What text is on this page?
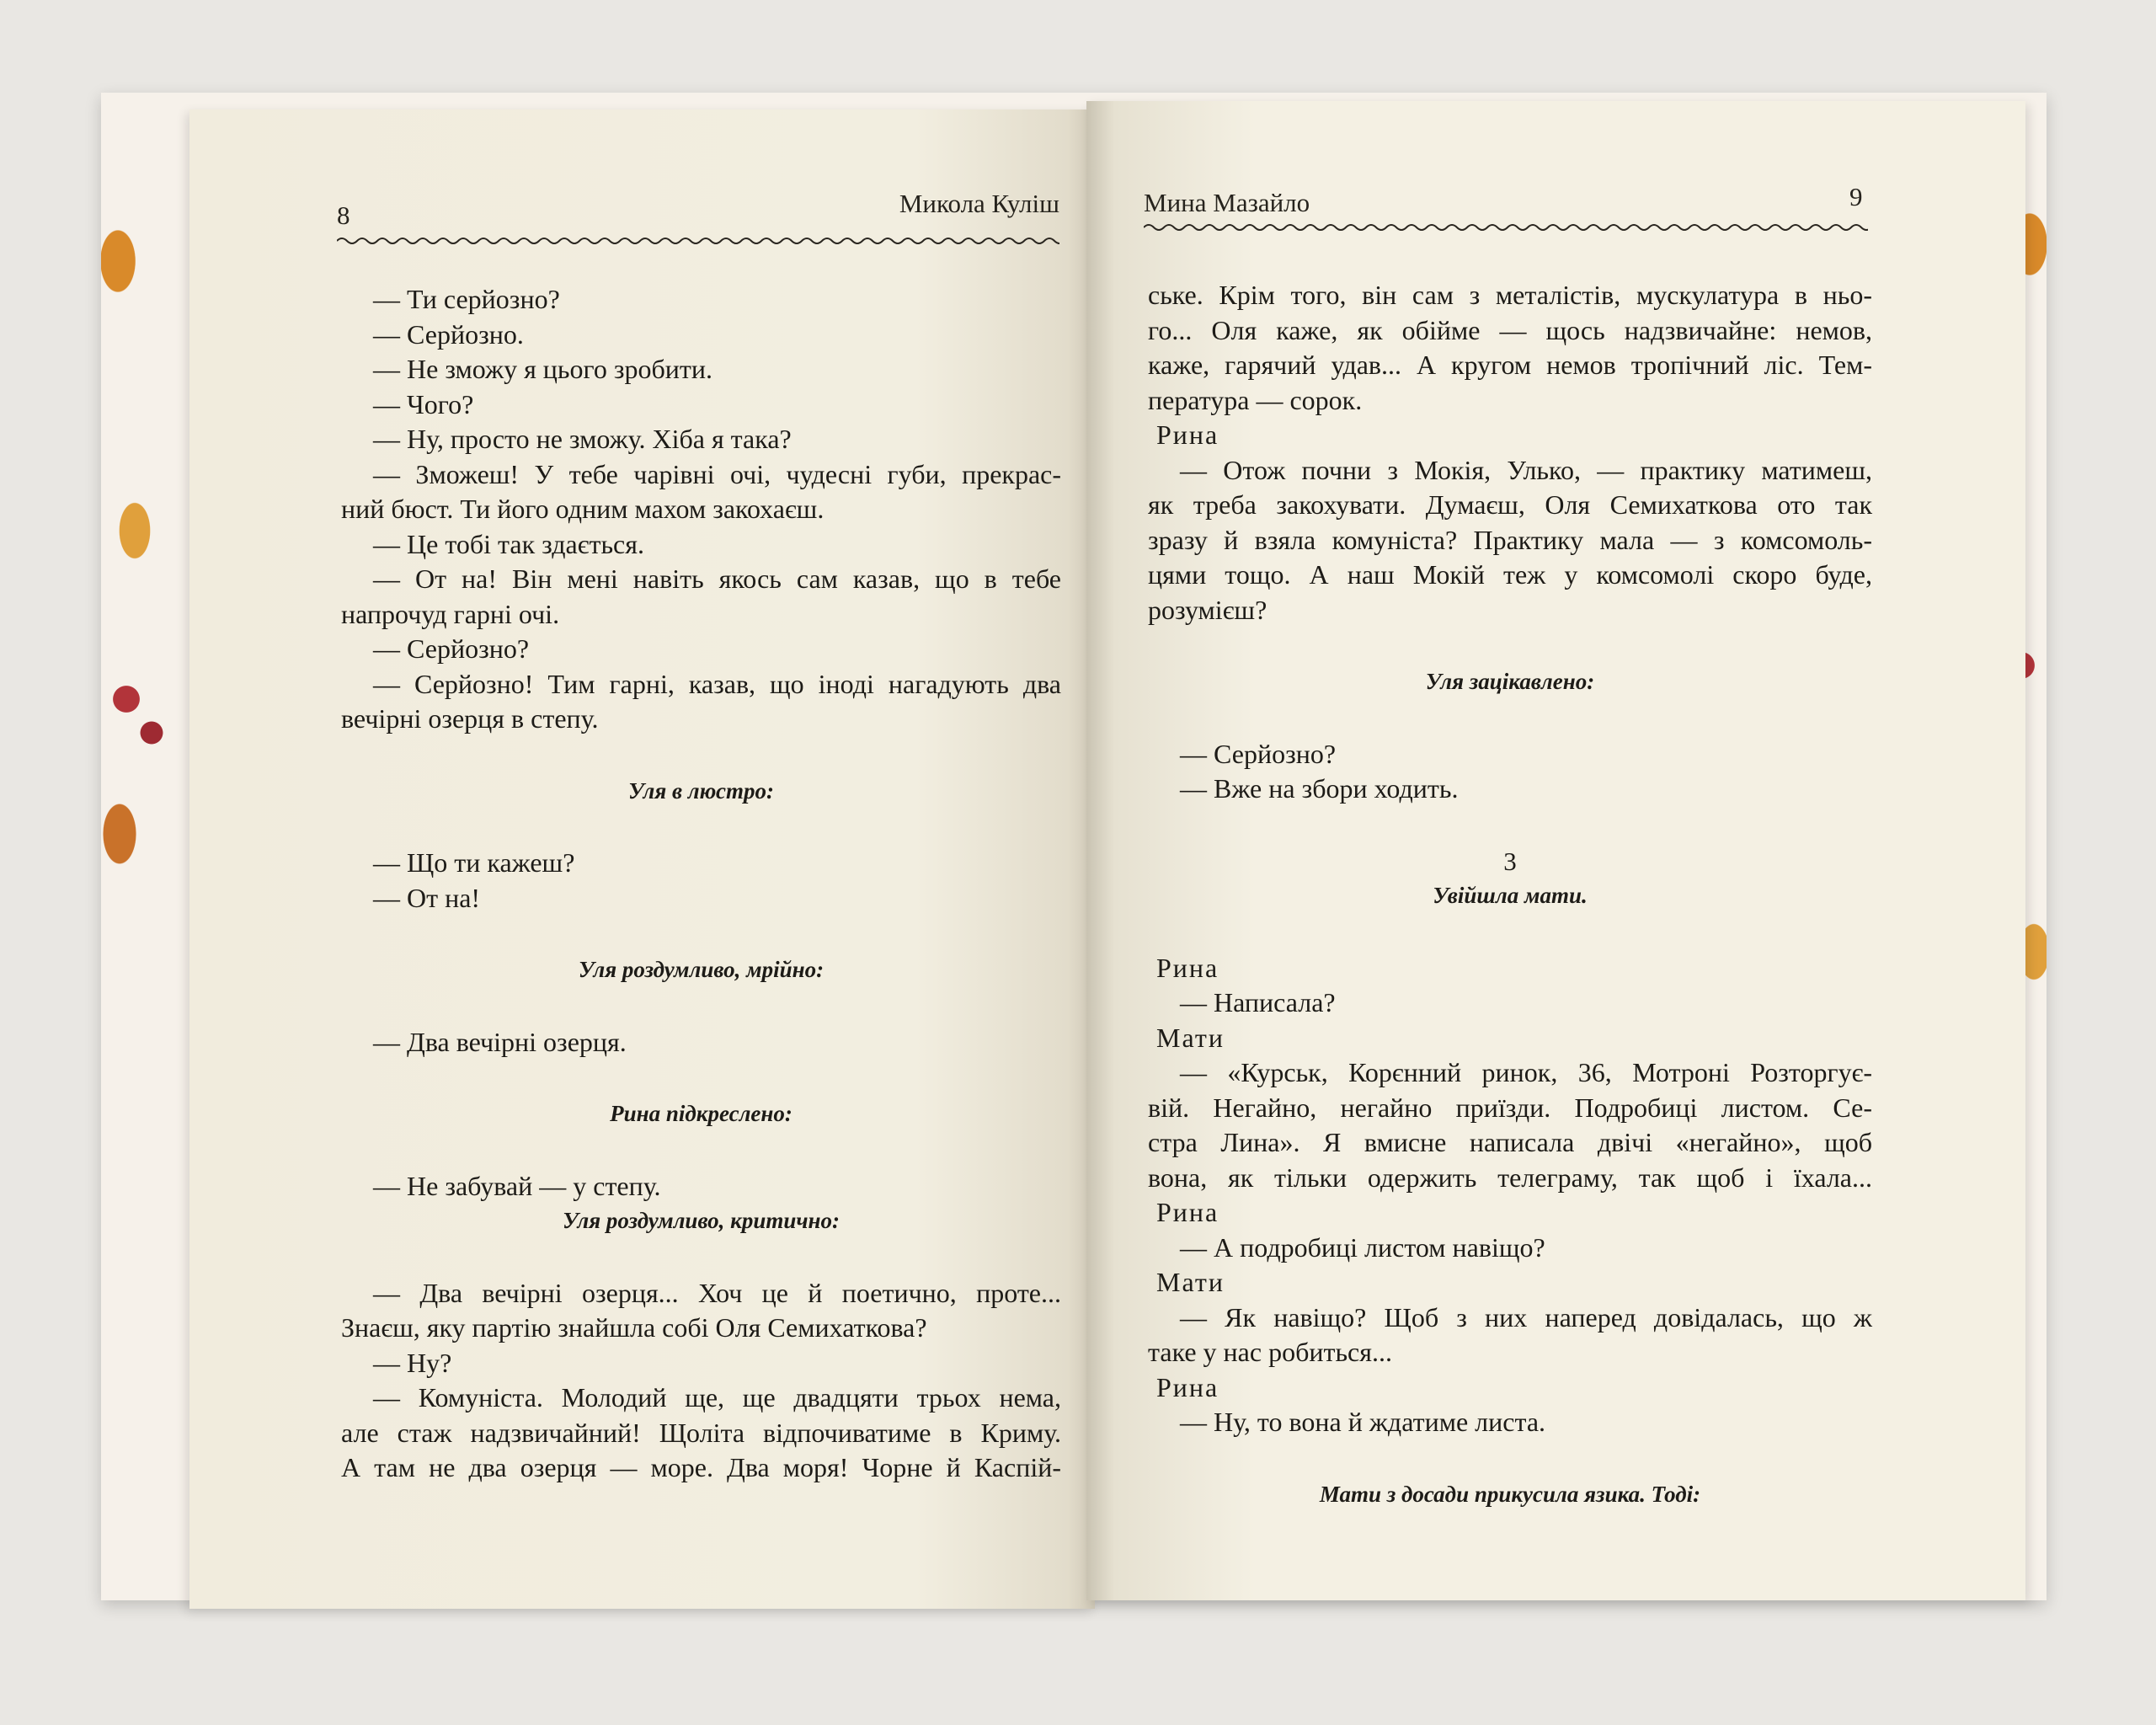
8	Микола Куліш

— Ти серйозно?

— Серйозно.

— Не зможу я цього зробити.

— Чого?

— Ну, просто не зможу. Хіба я така?

— Зможеш! У тебе чарівні очі, чудесні губи, прекрас-

ний бюст. Ти його одним махом закохаєш.

— Це тобі так здається.

— От на! Він мені навіть якось сам казав, що в тебе

напрочуд гарні очі.

— Серйозно?

— Серйозно! Тим гарні, казав, що іноді нагадують два

вечірні озерця в степу.

Уля в люстро:

— Що ти кажеш?

— От на!

Уля роздумливо, мрійно:

— Два вечірні озерця.

Рина підкреслено:

— Не забувай — у степу.

Уля роздумливо, критично:

— Два вечірні озерця... Хоч це й поетично, проте...

Знаєш, яку партію знайшла собі Оля Семихаткова?

— Ну?

— Комуніста. Молодий ще, ще двадцяти трьох нема,

але стаж надзвичайний! Щоліта відпочиватиме в Криму.

А там не два озерця — море. Два моря! Чорне й Каспій-

Мина Мазайло	9

ське. Крім того, він сам з металістів, мускулатура в ньо-

го... Оля каже, як обійме — щось надзвичайне: немов,

каже, гарячий удав... А кругом немов тропічний ліс. Тем-

пература — сорок.

Рина

— Отож почни з Мокія, Улько, — практику матимеш,

як треба закохувати. Думаєш, Оля Семихаткова ото так

зразу й взяла комуніста? Практику мала — з комсомоль-

цями тощо. А наш Мокій теж у комсомолі скоро буде,

розумієш?

Уля зацікавлено:

— Серйозно?

— Вже на збори ходить.

3

Увійшла мати.

Рина

— Написала?

Мати

— «Курськ, Корєнний ринок, 36, Мотроні Розторгує-

вій. Негайно, негайно приїзди. Подробиці листом. Се-

стра Лина». Я вмисне написала двічі «негайно», щоб

вона, як тільки одержить телеграму, так щоб і їхала...

Рина

— А подробиці листом навіщо?

Мати

— Як навіщо? Щоб з них наперед довідалась, що ж

таке у нас робиться...

Рина

— Ну, то вона й ждатиме листа.

Мати з досади прикусила язика. Тоді:
